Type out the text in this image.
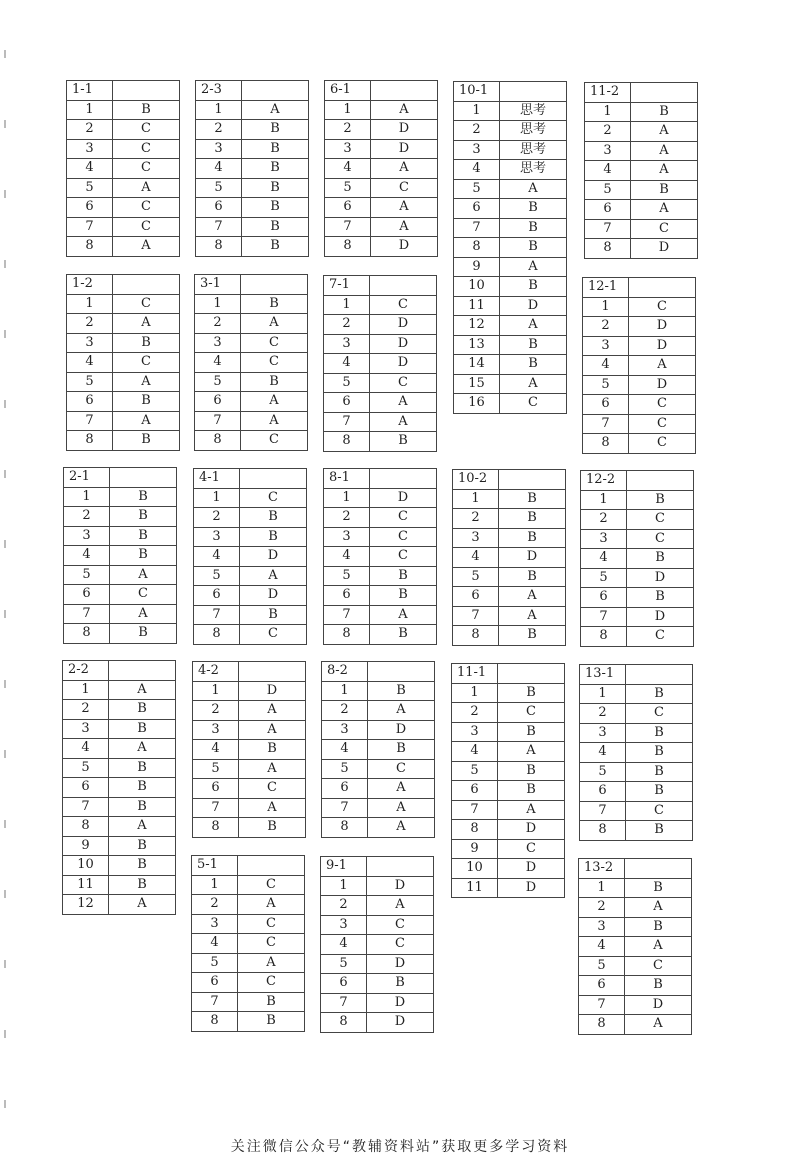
1-1	
1	B
2	C
3	C
4	C
5	A
6	C
7	C
8	A
1-2	
1	C
2	A
3	B
4	C
5	A
6	B
7	A
8	B
2-1	
1	B
2	B
3	B
4	B
5	A
6	C
7	A
8	B
2-2	
1	A
2	B
3	B
4	A
5	B
6	B
7	B
8	A
9	B
10	B
11	B
12	A
2-3	
1	A
2	B
3	B
4	B
5	B
6	B
7	B
8	B
3-1	
1	B
2	A
3	C
4	C
5	B
6	A
7	A
8	C
4-1	
1	C
2	B
3	B
4	D
5	A
6	D
7	B
8	C
4-2	
1	D
2	A
3	A
4	B
5	A
6	C
7	A
8	B
5-1	
1	C
2	A
3	C
4	C
5	A
6	C
7	B
8	B
6-1	
1	A
2	D
3	D
4	A
5	C
6	A
7	A
8	D
7-1	
1	C
2	D
3	D
4	D
5	C
6	A
7	A
8	B
8-1	
1	D
2	C
3	C
4	C
5	B
6	B
7	A
8	B
8-2	
1	B
2	A
3	D
4	B
5	C
6	A
7	A
8	A
9-1	
1	D
2	A
3	C
4	C
5	D
6	B
7	D
8	D
10-1	
1	思考
2	思考
3	思考
4	思考
5	A
6	B
7	B
8	B
9	A
10	B
11	D
12	A
13	B
14	B
15	A
16	C
10-2	
1	B
2	B
3	B
4	D
5	B
6	A
7	A
8	B
11-1	
1	B
2	C
3	B
4	A
5	B
6	B
7	A
8	D
9	C
10	D
11	D
11-2	
1	B
2	A
3	A
4	A
5	B
6	A
7	C
8	D
12-1	
1	C
2	D
3	D
4	A
5	D
6	C
7	C
8	C
12-2	
1	B
2	C
3	C
4	B
5	D
6	B
7	D
8	C
13-1	
1	B
2	C
3	B
4	B
5	B
6	B
7	C
8	B
13-2	
1	B
2	A
3	B
4	A
5	C
6	B
7	D
8	A
关注微信公众号“教辅资料站”获取更多学习资料
